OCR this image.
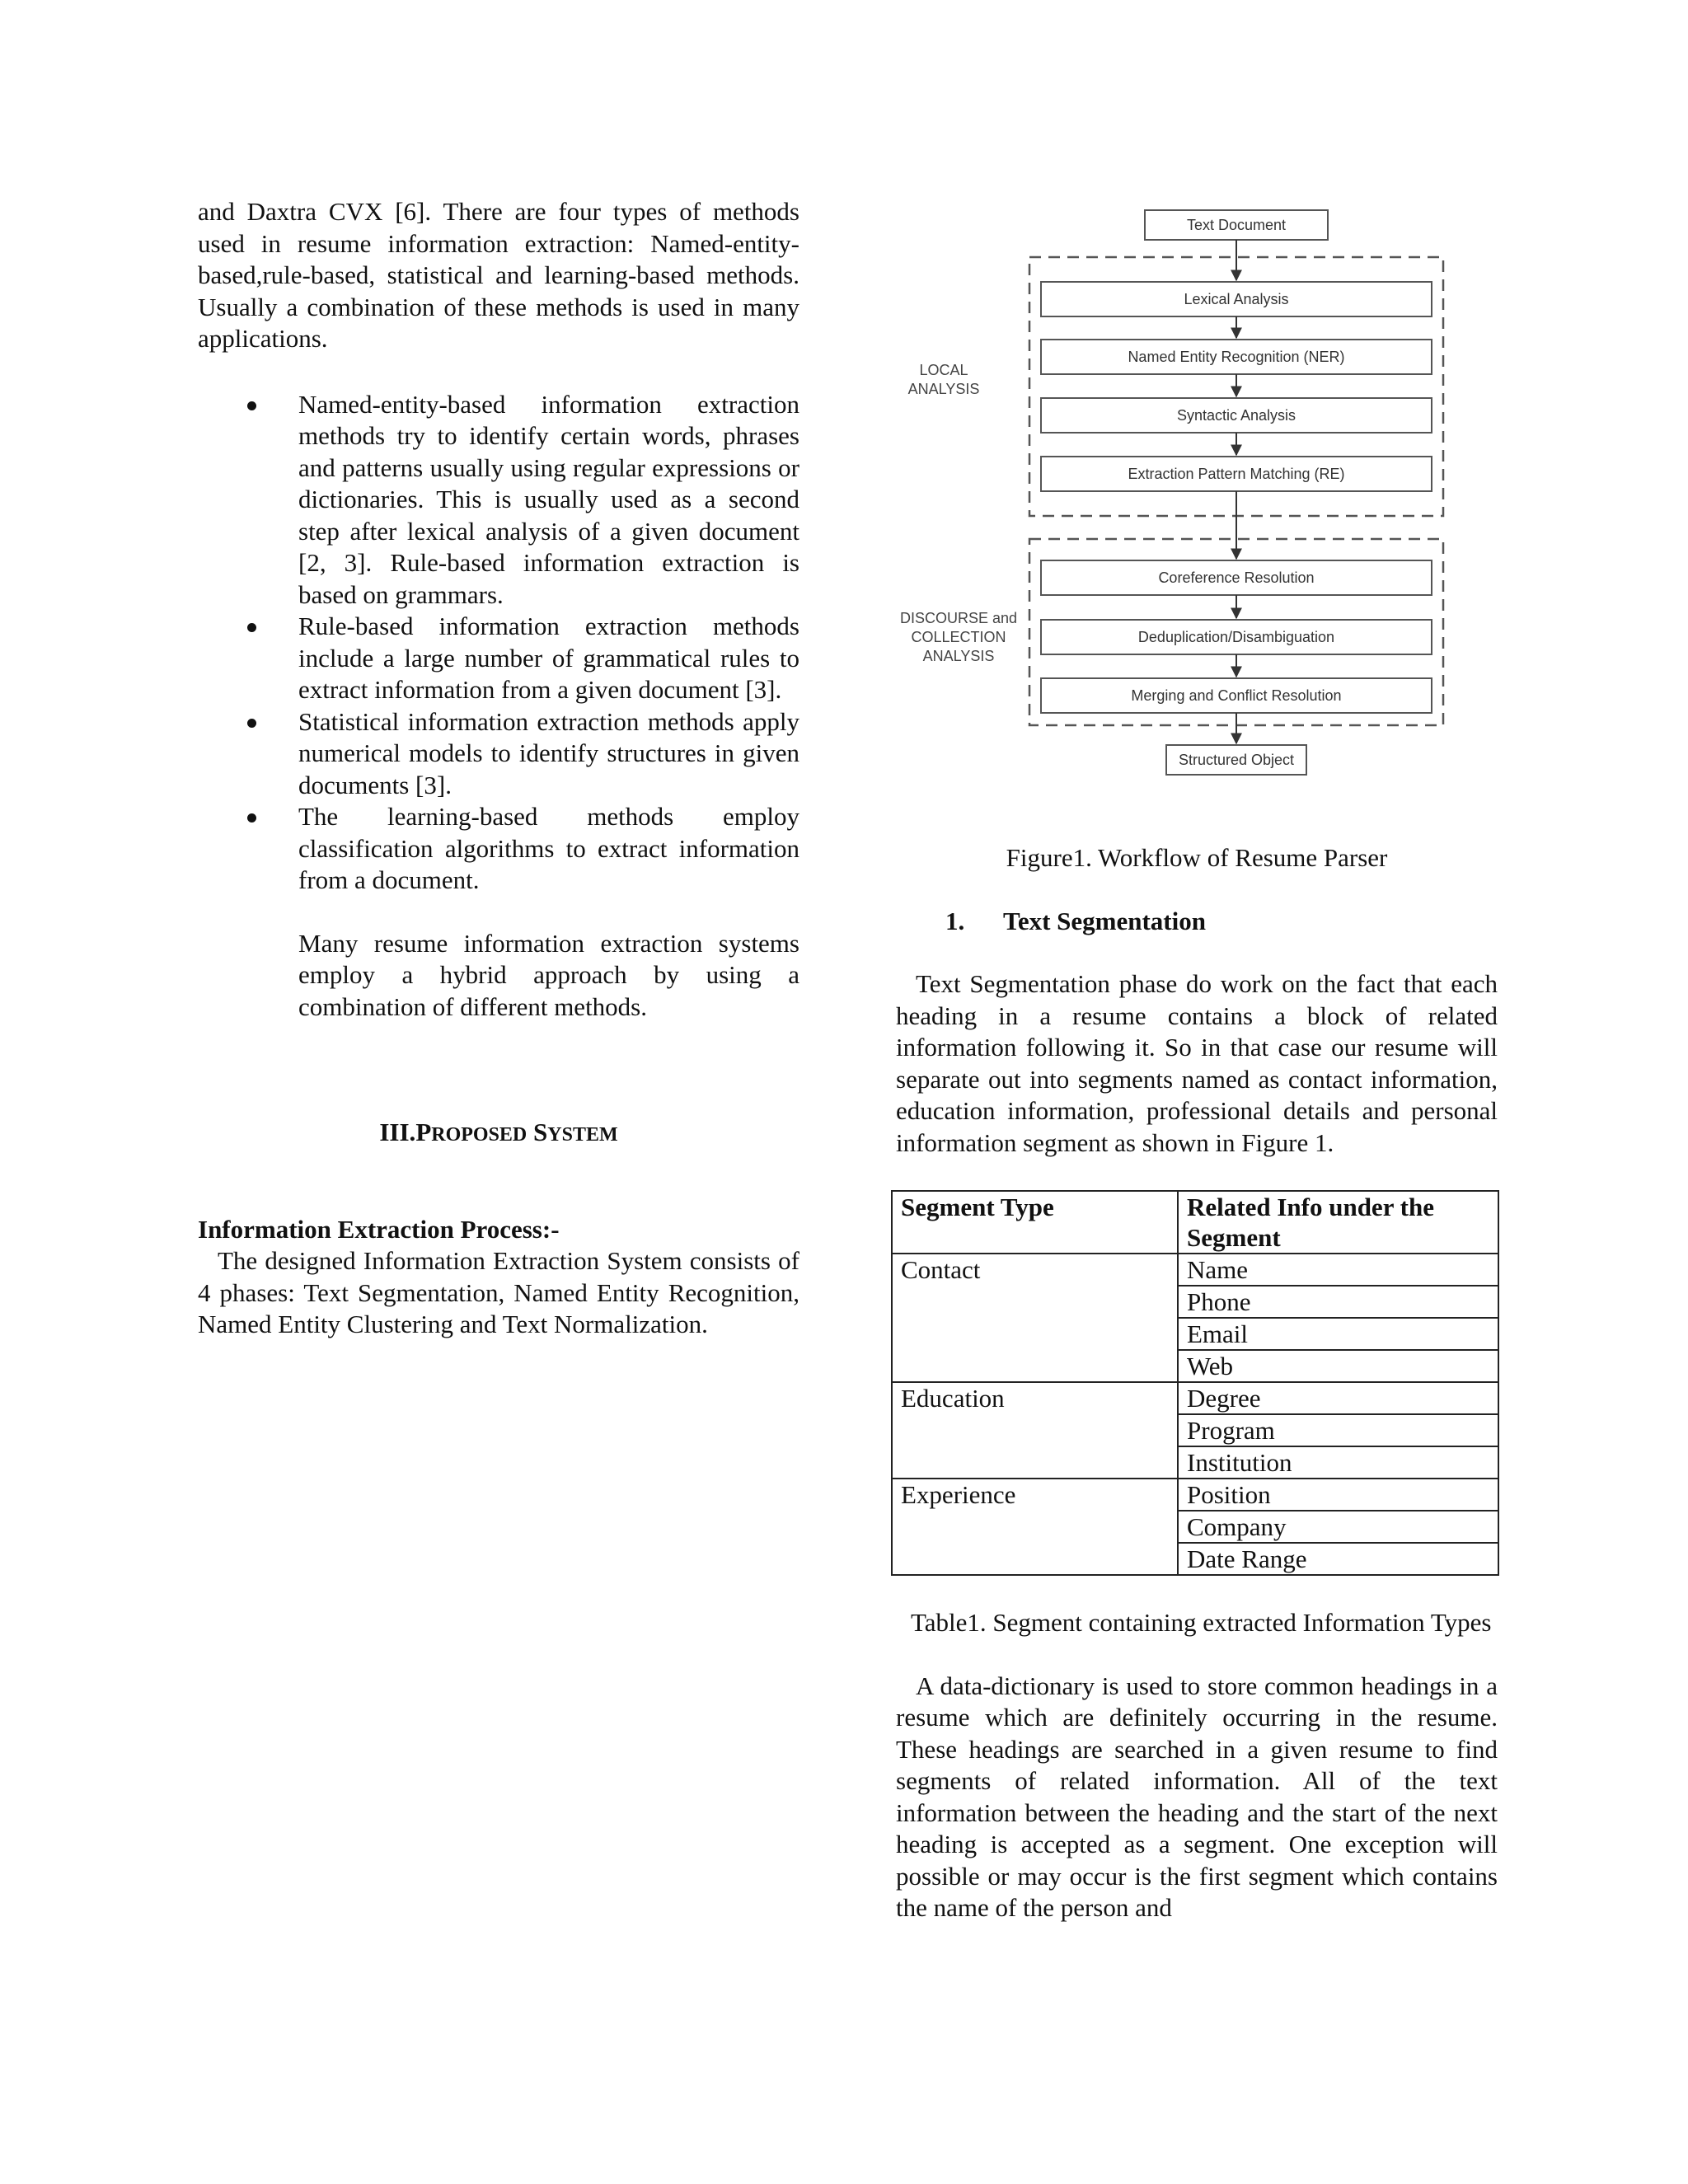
and Daxtra CVX [6]. There are four types of methods used in resume information extraction: Named-entity-based,rule-based, statistical and learning-based methods. Usually a combination of these methods is used in many applications.

Named-entity-based information extraction methods try to identify certain words, phrases and patterns usually using regular expressions or dictionaries. This is usually used as a second step after lexical analysis of a given document [2, 3]. Rule-based information extraction is based on grammars.
Rule-based information extraction methods include a large number of grammatical rules to extract information from a given document [3].
Statistical information extraction methods apply numerical models to identify structures in given documents [3].
The learning-based methods employ classification algorithms to extract information from a document.

Many resume information extraction systems employ a hybrid approach by using a combination of different methods.

III.PROPOSED SYSTEM
Information Extraction Process:-

The designed Information Extraction System consists of 4 phases: Text Segmentation, Named Entity Recognition, Named Entity Clustering and Text Normalization.

Text Document
LOCAL
ANALYSIS
Lexical Analysis
Named Entity Recognition (NER)
Syntactic Analysis
Extraction Pattern Matching (RE)
DISCOURSE and
COLLECTION
ANALYSIS
Coreference Resolution
Deduplication/Disambiguation
Merging and Conflict Resolution
Structured Object
Figure1. Workflow of Resume Parser
1. Text Segmentation

Text Segmentation phase do work on the fact that each heading in a resume contains a block of related information following it. So in that case our resume will separate out into segments named as contact information, education information, professional details and personal information segment as shown in Figure 1.

Segment Type	Related Info under the Segment
Contact	Name
	Phone
	Email
	Web
Education	Degree
	Program
	Institution
Experience	Position
	Company
	Date Range

Table1. Segment containing extracted Information Types

A data-dictionary is used to store common headings in a resume which are definitely occurring in the resume. These headings are searched in a given resume to find segments of related information. All of the text information between the heading and the start of the next heading is accepted as a segment. One exception will possible or may occur is the first segment which contains the name of the person and
